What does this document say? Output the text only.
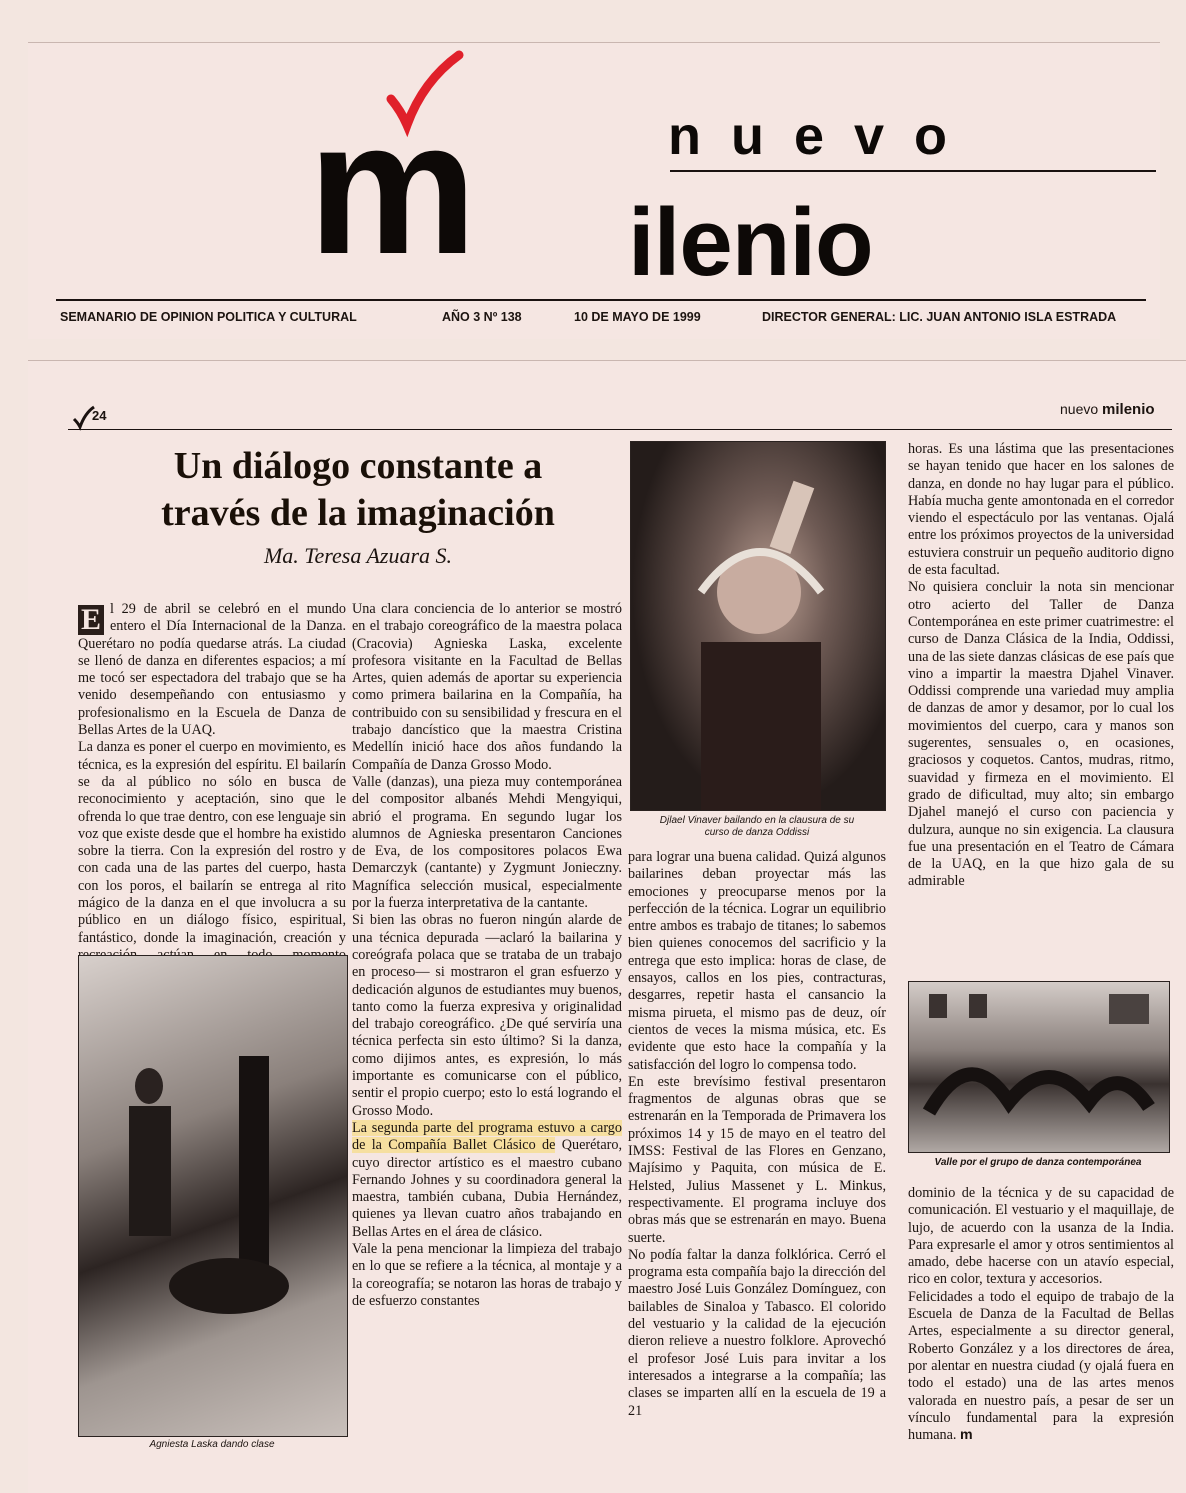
m	nuevo
ilenio
SEMANARIO DE OPINION POLITICA Y CULTURAL	AÑO 3 Nº 138	10 DE MAYO DE 1999	DIRECTOR GENERAL: LIC. JUAN ANTONIO ISLA ESTRADA
24	nuevo milenio
Un diálogo constante a
través de la imaginación
Ma. Teresa Azuara S.

E l 29 de abril se celebró en el mundo entero el Día Internacional de la Danza. Querétaro no podía quedarse atrás. La ciudad se llenó de danza en diferentes espacios; a mí me tocó ser espectadora del trabajo que se ha venido desempeñando con entusiasmo y profesionalismo en la Escuela de Danza de Bellas Artes de la UAQ.

La danza es poner el cuerpo en movimiento, es técnica, es la expresión del espíritu. El bailarín se da al público no sólo en busca de reconocimiento y aceptación, sino que le ofrenda lo que trae dentro, con ese lenguaje sin voz que existe desde que el hombre ha existido sobre la tierra. Con la expresión del rostro y con cada una de las partes del cuerpo, hasta con los poros, el bailarín se entrega al rito mágico de la danza en el que involucra a su público en un diálogo físico, espiritual, fantástico, donde la imaginación, creación y

Agniesta Laska dando clase

Una clara conciencia de lo anterior se mostró en el trabajo coreográfico de la maestra polaca (Cracovia) Agnieska Laska, excelente profesora visitante en la Facultad de Bellas Artes, quien además de aportar su experiencia como primera bailarina en la Compañía, ha contribuido con su sensibilidad y frescura en el trabajo dancístico que la maestra Cristina Medellín inició hace dos años fundando la Compañía de Danza Grosso Modo.

Valle (danzas), una pieza muy contemporánea del compositor albanés Mehdi Mengyiqui, abrió el programa. En segundo lugar los alumnos de Agnieska presentaron Canciones de Eva, de los compositores polacos Ewa Demarczyk (cantante) y Zygmunt Jonieczny. Magnífica selección musical, especialmente por la fuerza interpretativa de la cantante.

Si bien las obras no fueron ningún alarde de una técnica depurada —aclaró la bailarina y coreógrafa polaca que se trataba de un trabajo en proceso— si mostraron el gran esfuerzo y dedicación algunos de estudiantes muy buenos, tanto como la fuerza expresiva y originalidad del trabajo coreográfico. ¿De qué serviría una técnica perfecta sin esto último? Si la danza, como dijimos antes, es expresión, lo más importante es comunicarse con el público, sentir el propio cuerpo; esto lo está logrando el Grosso Modo.

La segunda parte del programa estuvo a cargo de la Compañía Ballet Clásico de Querétaro, cuyo director artístico es el maestro cubano Fernando Johnes y su coordinadora general la maestra, también cubana, Dubia Hernández, quienes ya llevan cuatro años trabajando en Bellas Artes en el área de clásico.

Vale la pena mencionar la limpieza del trabajo en lo que se refiere a la técnica, al montaje y a la coreografía; se notaron las horas de trabajo y de esfuerzo constantes

Djlael Vinaver bailando en la clausura de su
curso de danza Oddissi

para lograr una buena calidad. Quizá algunos bailarines deban proyectar más las emociones y preocuparse menos por la perfección de la técnica. Lograr un equilibrio entre ambos es trabajo de titanes; lo sabemos bien quienes conocemos del sacrificio y la entrega que esto implica: horas de clase, de ensayos, callos en los pies, contracturas, desgarres, repetir hasta el cansancio la misma pirueta, el mismo pas de deuz, oír cientos de veces la misma música, etc. Es evidente que esto hace la compañía y la satisfacción del logro lo compensa todo.

En este brevísimo festival presentaron fragmentos de algunas obras que se estrenarán en la Temporada de Primavera los próximos 14 y 15 de mayo en el teatro del IMSS: Festival de las Flores en Genzano, Majísimo y Paquita, con música de E. Helsted, Julius Massenet y L. Minkus, respectivamente. El programa incluye dos obras más que se estrenarán en mayo. Buena suerte.

No podía faltar la danza folklórica. Cerró el programa esta compañía bajo la dirección del maestro José Luis González Domínguez, con bailables de Sinaloa y Tabasco. El colorido del vestuario y la calidad de la ejecución dieron relieve a nuestro folklore. Aprovechó el profesor José Luis para invitar a los interesados a integrarse a la compañía; las clases se imparten allí en la escuela de 19 a 21

horas. Es una lástima que las presentaciones se hayan tenido que hacer en los salones de danza, en donde no hay lugar para el público. Había mucha gente amontonada en el corredor viendo el espectáculo por las ventanas. Ojalá entre los próximos proyectos de la universidad estuviera construir un pequeño auditorio digno de esta facultad.

No quisiera concluir la nota sin mencionar otro acierto del Taller de Danza Contemporánea en este primer cuatrimestre: el curso de Danza Clásica de la India, Oddissi, una de las siete danzas clásicas de ese país que vino a impartir la maestra Djahel Vinaver. Oddissi comprende una variedad muy amplia de danzas de amor y desamor, por lo cual los movimientos del cuerpo, cara y manos son sugerentes, sensuales o, en ocasiones, graciosos y coquetos. Cantos, mudras, ritmo, suavidad y firmeza en el movimiento. El grado de dificultad, muy alto; sin embargo Djahel manejó el curso con paciencia y dulzura, aunque no sin exigencia. La clausura fue una presentación en el Teatro de Cámara de la UAQ, en la que hizo gala de su admirable

Valle por el grupo de danza contemporánea

dominio de la técnica y de su capacidad de comunicación. El vestuario y el maquillaje, de lujo, de acuerdo con la usanza de la India. Para expresarle el amor y otros sentimientos al amado, debe hacerse con un atavío especial, rico en color, textura y accesorios.

Felicidades a todo el equipo de trabajo de la Escuela de Danza de la Facultad de Bellas Artes, especialmente a su director general, Roberto González y a los directores de área, por alentar en nuestra ciudad (y ojalá fuera en todo el estado) una de las artes menos valorada en nuestro país, a pesar de ser un vínculo fundamental para la expresión humana. m
